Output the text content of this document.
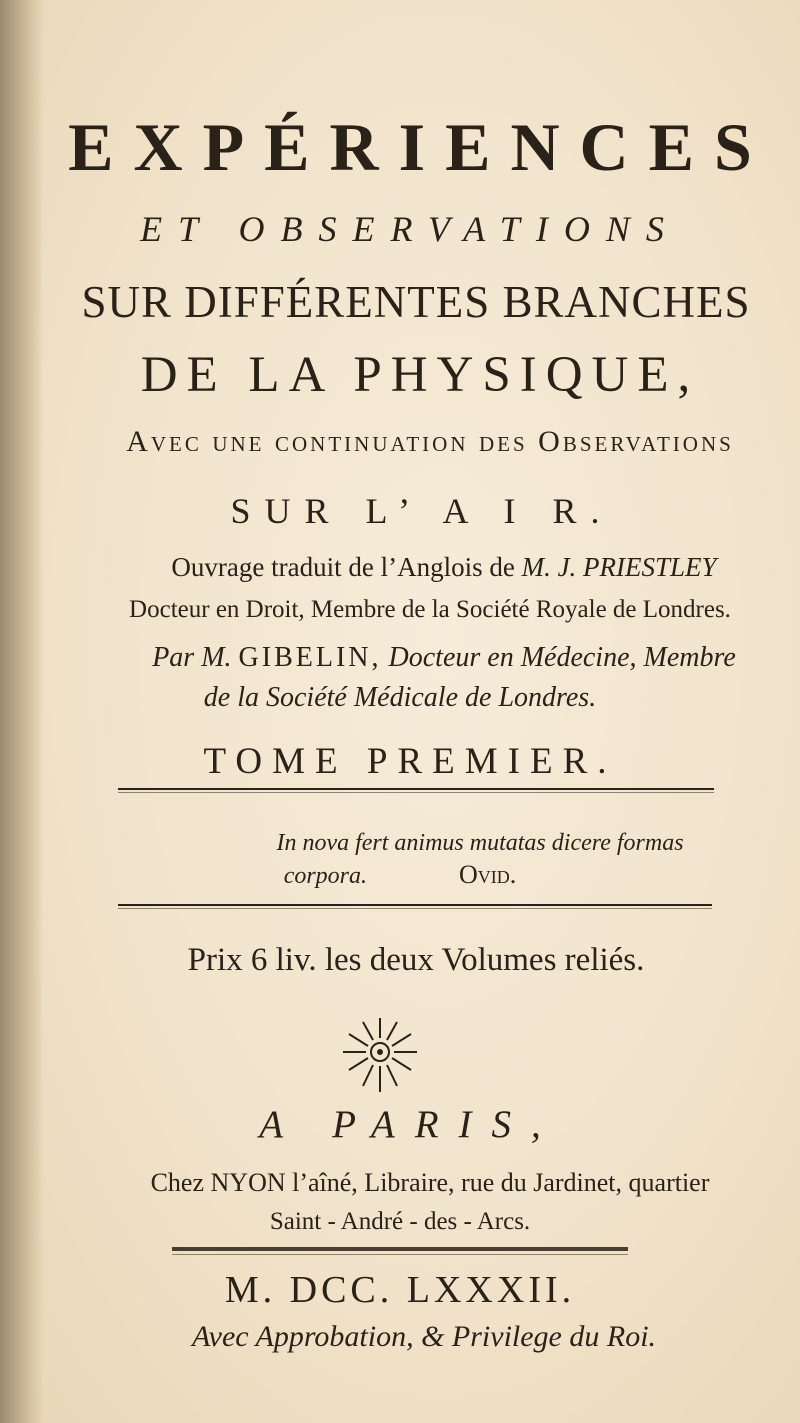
EXPÉRIENCES
ET OBSERVATIONS
SUR DIFFÉRENTES BRANCHES
DE LA PHYSIQUE,
Avec une continuation des Observations
SUR L’ A I R.
Ouvrage traduit de l’Anglois de M. J. PRIESTLEY
Docteur en Droit, Membre de la Société Royale de Londres.
Par M. GIBELIN, Docteur en Médecine, Membre
de la Société Médicale de Londres.
TOME PREMIER.
In nova fert animus mutatas dicere formas
corpora.	Ovid.
Prix 6 liv. les deux Volumes reliés.
A PARIS,
Chez NYON l’aîné, Libraire, rue du Jardinet, quartier
Saint - André - des - Arcs.
M. DCC. LXXXII.
Avec Approbation, & Privilege du Roi.
